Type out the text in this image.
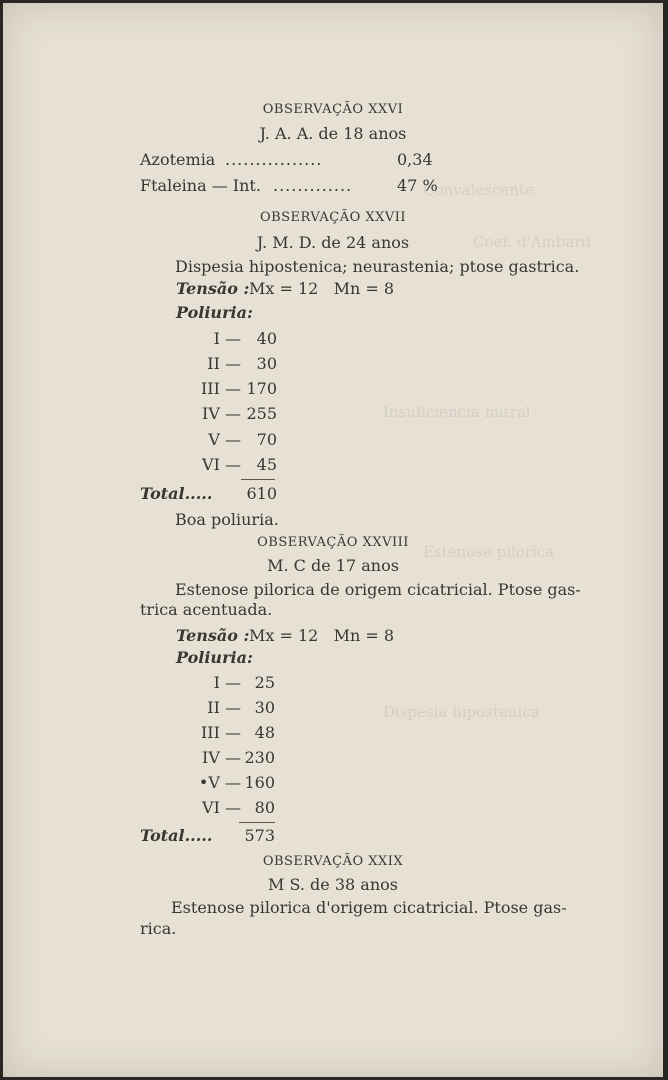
Convalescente
Coef. d'Ambard
Insuficiencia mitral
Estenose pilorica
Dispesia hipostenica
OBSERVAÇÃO XXVI
J. A. A. de 18 anos
Azotemia ................	0,34
Ftaleina — Int. .............	47 %
OBSERVAÇÃO XXVII
J. M. D. de 24 anos
Dispesia hipostenica; neurastenia; ptose gastrica.
Tensão : Mx = 12   Mn = 8
Poliuria:
I — 40
II — 30
III — 170
IV — 255
V — 70
VI — 45
Total.....	610
Boa poliuria.
OBSERVAÇÃO XXVIII
M. C de 17 anos
Estenose pilorica de origem cicatricial. Ptose gas-
trica acentuada.
Tensão : Mx = 12   Mn = 8
Poliuria:
I — 25
II — 30
III — 48
IV — 230
•V — 160
VI — 80
Total.....	573
OBSERVAÇÃO XXIX
M S. de 38 anos
Estenose pilorica d'origem cicatricial. Ptose gas-
rica.
